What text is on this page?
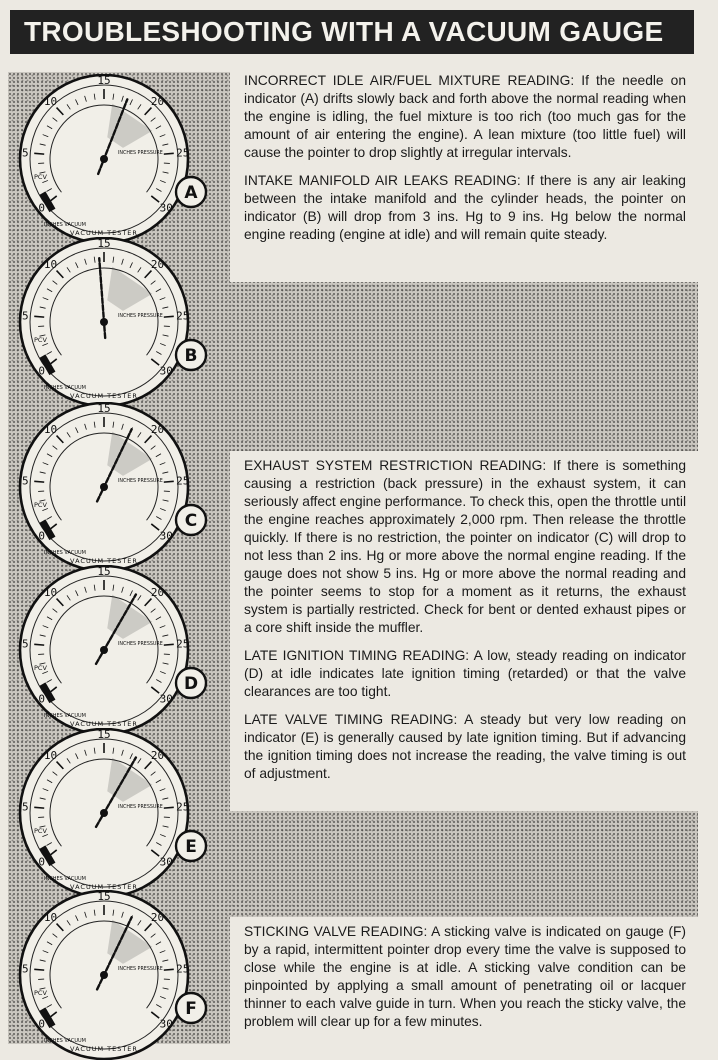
TROUBLESHOOTING WITH A VACUUM GAUGE

INCORRECT IDLE AIR/FUEL MIXTURE READING: If the needle on indicator (A) drifts slowly back and forth above the normal reading when the engine is idling, the fuel mixture is too rich (too much gas for the amount of air entering the engine). A lean mixture (too little fuel) will cause the pointer to drop slightly at irregular intervals.

INTAKE MANIFOLD AIR LEAKS READING: If there is any air leaking between the intake manifold and the cylinder heads, the pointer on indicator (B) will drop from 3 ins. Hg to 9 ins. Hg below the normal engine reading (engine at idle) and will remain quite steady.

EXHAUST SYSTEM RESTRICTION READING: If there is something causing a restriction (back pressure) in the exhaust system, it can seriously affect engine performance. To check this, open the throttle until the engine reaches approximately 2,000 rpm. Then release the throttle quickly. If there is no restriction, the pointer on indicator (C) will drop to not less than 2 ins. Hg or more above the normal engine reading. If the gauge does not show 5 ins. Hg or more above the normal reading and the pointer seems to stop for a moment as it returns, the exhaust system is partially restricted. Check for bent or dented exhaust pipes or a core shift inside the muffler.

LATE IGNITION TIMING READING: A low, steady reading on indicator (D) at idle indicates late ignition timing (retarded) or that the valve clearances are too tight.

LATE VALVE TIMING READING: A steady but very low reading on indicator (E) is generally caused by late ignition timing. But if advancing the ignition timing does not increase the reading, the valve timing is out of adjustment.

STICKING VALVE READING: A sticking valve is indicated on gauge (F) by a rapid, intermittent pointer drop every time the valve is supposed to close while the engine is at idle. A sticking valve condition can be pinpointed by applying a small amount of penetrating oil or lacquer thinner to each valve guide in turn. When you reach the sticky valve, the problem will clear up for a few minutes.

0
5
10
15
20
25
30
PCV
INCHES VACUUM
INCHES PRESSURE
VACUUM TESTER
A
0
5
10
15
20
25
30
PCV
INCHES VACUUM
INCHES PRESSURE
VACUUM TESTER
B
0
5
10
15
20
25
30
PCV
INCHES VACUUM
INCHES PRESSURE
VACUUM TESTER
C
0
5
10
15
20
25
30
PCV
INCHES VACUUM
INCHES PRESSURE
VACUUM TESTER
D
0
5
10
15
20
25
30
PCV
INCHES VACUUM
INCHES PRESSURE
VACUUM TESTER
E
0
5
10
15
20
25
30
PCV
INCHES VACUUM
INCHES PRESSURE
VACUUM TESTER
F
